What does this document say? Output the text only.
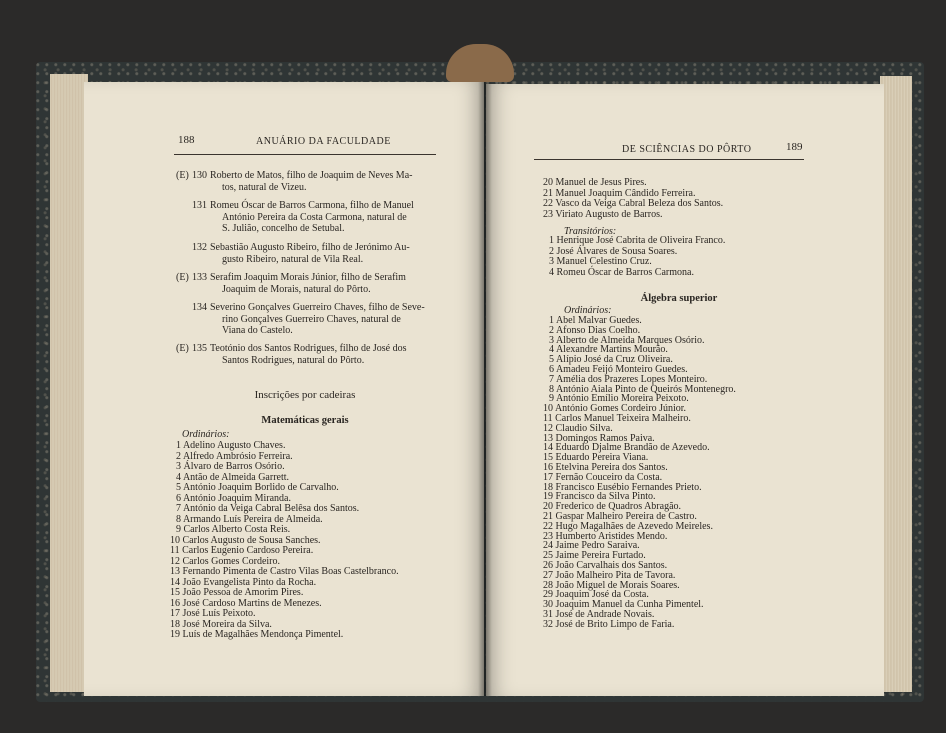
188	ANUÁRIO DA FACULDADE
(E) 130 Roberto de Matos, filho de Joaquim de Neves Ma-
tos, natural de Vizeu.
131 Romeu Óscar de Barros Carmona, filho de Manuel
António Pereira da Costa Carmona, natural de
S. Julião, concelho de Setubal.
132 Sebastião Augusto Ribeiro, filho de Jerónimo Au-
gusto Ribeiro, natural de Vila Real.
(E) 133 Serafim Joaquim Morais Júnior, filho de Serafim
Joaquim de Morais, natural do Pôrto.
134 Severino Gonçalves Guerreiro Chaves, filho de Seve-
rino Gonçalves Guerreiro Chaves, natural de
Viana do Castelo.
(E) 135 Teotónio dos Santos Rodrigues, filho de José dos
Santos Rodrigues, natural do Pôrto.
Inscrições por cadeiras
Matemáticas gerais
Ordinários:
1 Adelino Augusto Chaves.
2 Alfredo Ambrósio Ferreira.
3 Álvaro de Barros Osório.
4 Antão de Almeida Garrett.
5 António Joaquim Borlido de Carvalho.
6 António Joaquim Miranda.
7 António da Veiga Cabral Belêsa dos Santos.
8 Armando Luís Pereira de Almeida.
9 Carlos Alberto Costa Reis.
10 Carlos Augusto de Sousa Sanches.
11 Carlos Eugenio Cardoso Pereira.
12 Carlos Gomes Cordeiro.
13 Fernando Pimenta de Castro Vilas Boas Castelbranco.
14 João Evangelista Pinto da Rocha.
15 João Pessoa de Amorim Pires.
16 José Cardoso Martins de Menezes.
17 José Luís Peixoto.
18 José Moreira da Silva.
19 Luís de Magalhães Mendonça Pimentel.
DE SCIÊNCIAS DO PÔRTO	189
20 Manuel de Jesus Pires.
21 Manuel Joaquim Cândido Ferreira.
22 Vasco da Veiga Cabral Beleza dos Santos.
23 Viriato Augusto de Barros.
Transitórios:
1 Henrique José Cabrita de Oliveira Franco.
2 José Álvares de Sousa Soares.
3 Manuel Celestino Cruz.
4 Romeu Óscar de Barros Carmona.
Álgebra superior
Ordinários:
1 Abel Malvar Guedes.
2 Afonso Dias Coelho.
3 Alberto de Almeida Marques Osório.
4 Alexandre Martins Mourão.
5 Alípio José da Cruz Oliveira.
6 Amadeu Feijó Monteiro Guedes.
7 Amélia dos Prazeres Lopes Monteiro.
8 António Aiala Pinto de Queirós Montenegro.
9 António Emílio Moreira Peixoto.
10 António Gomes Cordeiro Júnior.
11 Carlos Manuel Teixeira Malheiro.
12 Claudio Silva.
13 Domingos Ramos Paiva.
14 Eduardo Djalme Brandão de Azevedo.
15 Eduardo Pereira Viana.
16 Etelvina Pereira dos Santos.
17 Fernão Couceiro da Costa.
18 Francisco Eusébio Fernandes Prieto.
19 Francisco da Silva Pinto.
20 Frederico de Quadros Abragão.
21 Gaspar Malheiro Pereira de Castro.
22 Hugo Magalhães de Azevedo Meireles.
23 Humberto Aristides Mendo.
24 Jaime Pedro Saraiva.
25 Jaime Pereira Furtado.
26 João Carvalhais dos Santos.
27 João Malheiro Pita de Tavora.
28 João Miguel de Morais Soares.
29 Joaquim José da Costa.
30 Joaquim Manuel da Cunha Pimentel.
31 José de Andrade Novais.
32 José de Brito Limpo de Faria.
